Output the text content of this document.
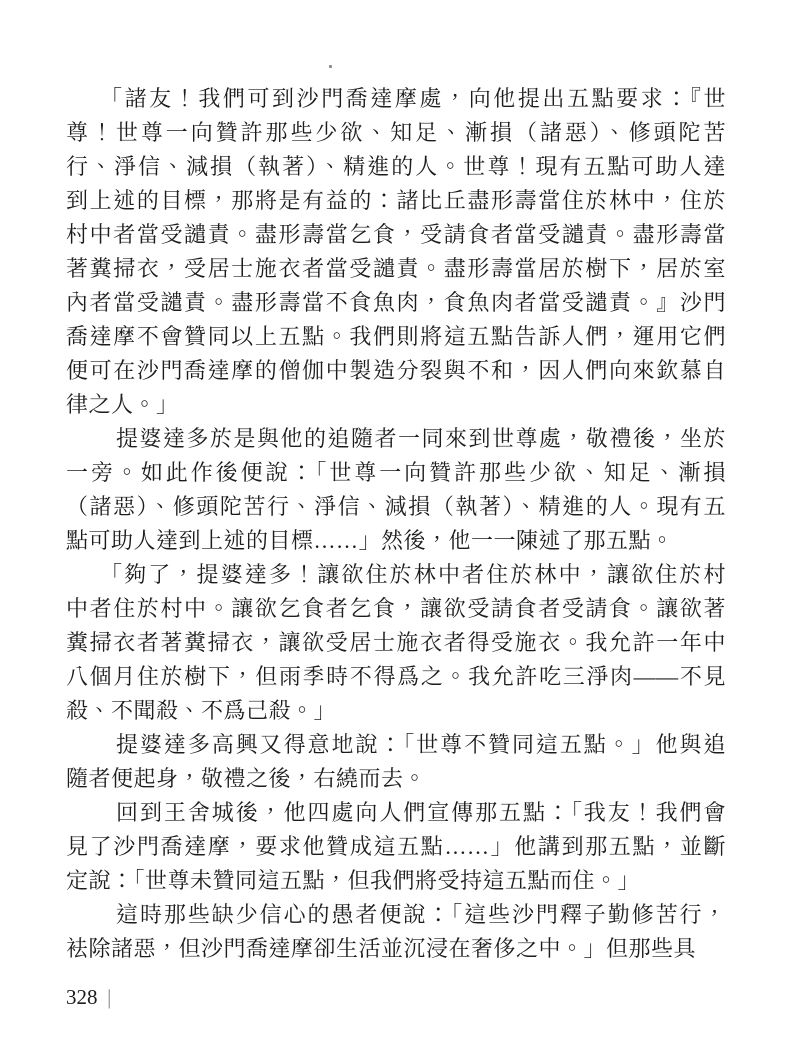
「諸友！我們可到沙門喬達摩處，向他提出五點要求：『世
尊！世尊一向贊許那些少欲、知足、漸損（諸惡）、修頭陀苦
行、淨信、減損（執著）、精進的人。世尊！現有五點可助人達
到上述的目標，那將是有益的：諸比丘盡形壽當住於林中，住於
村中者當受譴責。盡形壽當乞食，受請食者當受譴責。盡形壽當
著糞掃衣，受居士施衣者當受譴責。盡形壽當居於樹下，居於室
內者當受譴責。盡形壽當不食魚肉，食魚肉者當受譴責。』沙門
喬達摩不會贊同以上五點。我們則將這五點告訴人們，運用它們
便可在沙門喬達摩的僧伽中製造分裂與不和，因人們向來欽慕自
律之人。」
提婆達多於是與他的追隨者一同來到世尊處，敬禮後，坐於
一旁。如此作後便說：「世尊一向贊許那些少欲、知足、漸損
（諸惡）、修頭陀苦行、淨信、減損（執著）、精進的人。現有五
點可助人達到上述的目標……」然後，他一一陳述了那五點。
「夠了，提婆達多！讓欲住於林中者住於林中，讓欲住於村
中者住於村中。讓欲乞食者乞食，讓欲受請食者受請食。讓欲著
糞掃衣者著糞掃衣，讓欲受居士施衣者得受施衣。我允許一年中
八個月住於樹下，但雨季時不得爲之。我允許吃三淨肉——不見
殺、不聞殺、不爲己殺。」
提婆達多高興又得意地說：「世尊不贊同這五點。」他與追
隨者便起身，敬禮之後，右繞而去。
回到王舍城後，他四處向人們宣傳那五點：「我友！我們會
見了沙門喬達摩，要求他贊成這五點……」他講到那五點，並斷
定說：「世尊未贊同這五點，但我們將受持這五點而住。」
這時那些缺少信心的愚者便說：「這些沙門釋子勤修苦行，
袪除諸惡，但沙門喬達摩卻生活並沉浸在奢侈之中。」但那些具
328 |
